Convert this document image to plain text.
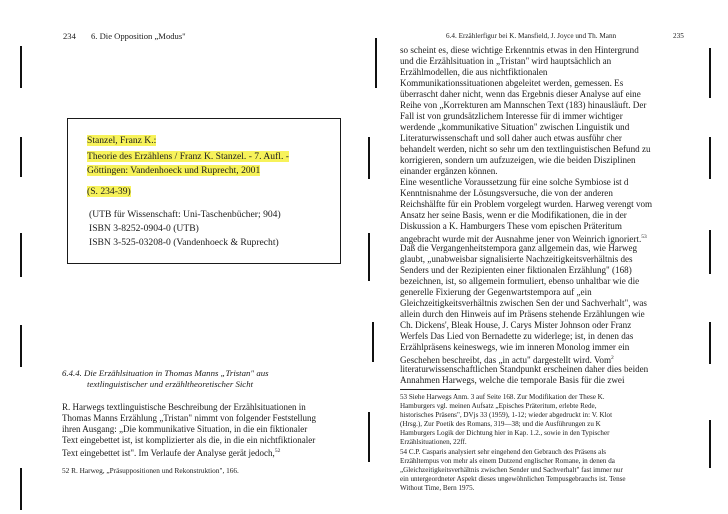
234 6. Die Opposition „Modus"	6.4. Erzählerfigur bei K. Mansfield, J. Joyce und Th. Mann	235
Stanzel, Franz K.:
Theorie des Erzählens / Franz K. Stanzel. - 7. Aufl. -
Göttingen: Vandenhoeck und Ruprecht, 2001
(S. 234-39)
(UTB für Wissenschaft: Uni-Taschenbücher; 904)
ISBN 3-8252-0904-0 (UTB)
ISBN 3-525-03208-0 (Vandenhoeck & Ruprecht)
6.4.4. Die Erzählsituation in Thomas Manns „Tristan" aus
textlinguistischer und erzähltheoretischer Sicht
R. Harwegs textlinguistische Beschreibung der Erzählsituationen in
Thomas Manns Erzählung „Tristan" nimmt von folgender Feststellung
ihren Ausgang: „Die kommunikative Situation, in die ein fiktionaler
Text eingebettet ist, ist komplizierter als die, in die ein nichtfiktionaler
Text eingebettet ist". Im Verlaufe der Analyse gerät jedoch,$^{52}$
52 R. Harweg, „Präsuppositionen und Rekonstruktion", 166.
so scheint es, diese wichtige Erkenntnis etwas in den Hintergrund
und die Erzählsituation in „Tristan" wird hauptsächlich an
Erzählmodellen, die aus nichtfiktionalen
Kommunikationssituationen abgeleitet werden, gemessen. Es
überrascht daher nicht, wenn das Ergebnis dieser Analyse auf eine
Reihe von „Korrekturen am Mannschen Text (183) hinausläuft. Der
Fall ist von grundsätzlichem Interesse für di immer wichtiger
werdende „kommunikative Situation" zwischen Linguistik und
Literaturwissenschaft und soll daher auch etwas ausführ cher
behandelt werden, nicht so sehr um den textlinguistischen Befund zu
korrigieren, sondern um aufzuzeigen, wie die beiden Disziplinen
einander ergänzen können.
Eine wesentliche Voraussetzung für eine solche Symbiose ist d
Kenntnisnahme der Lösungsversuche, die von der anderen
Reichshälfte für ein Problem vorgelegt wurden. Harweg verengt vom
Ansatz her seine Basis, wenn er die Modifikationen, die in der
Diskussion a K. Hamburgers These vom epischen Präteritum
angebracht wurde mit der Ausnahme jener von Weinrich ignoriert.$^{53}$
Daß die Vergangenheitstempora ganz allgemein das, wie Harweg
glaubt, „unabweisbar signalisierte Nachzeitigkeitsverhältnis des
Senders und der Rezipienten einer fiktionalen Erzählung" (168)
bezeichnen, ist, so allgemein formuliert, ebenso unhaltbar wie die
generelle Fixierung der Gegenwartstempora auf „ein
Gleichzeitigkeitsverhältnis zwischen Sen der und Sachverhalt", was
allein durch den Hinweis auf im Präsens stehende Erzählungen wie
Ch. Dickens', Bleak House, J. Carys Mister Johnson oder Franz
Werfels Das Lied von Bernadette zu widerlege; ist, in denen das
Erzählpräsens keineswegs, wie im inneren Monolog immer ein
Geschehen beschreibt, das „in actu" dargestellt wird. Vom$^2$
literaturwissenschaftlichen Standpunkt erscheinen daher dies beiden
Annahmen Harwegs, welche die temporale Basis für die zwei
53 Siehe Harwegs Anm. 3 auf Seite 168. Zur Modifikation der These K.
Hamburgers vgl. meinen Aufsatz „Episches Präteritum, erlebte Rede,
historisches Präsens", DVjs 33 (1959), 1-12; wieder abgedruckt in: V. Klot
(Hrsg.), Zur Poetik des Romans, 319—38; und die Ausführungen zu K
Hamburgers Logik der Dichtung hier in Kap. 1.2., sowie in den Typischer
Erzählsituationen, 22ff.
54 C.P. Casparis analysiert sehr eingehend den Gebrauch des Präsens als
Erzähltempus von mehr als einem Dutzend englischer Romane, in denen da
„Gleichzeitigkeitsverhältnis zwischen Sender und Sachverhalt" fast immer nur
ein untergeordneter Aspekt dieses ungewöhnlichen Tempusgebrauchs ist. Tense
Without Time, Bern 1975.
